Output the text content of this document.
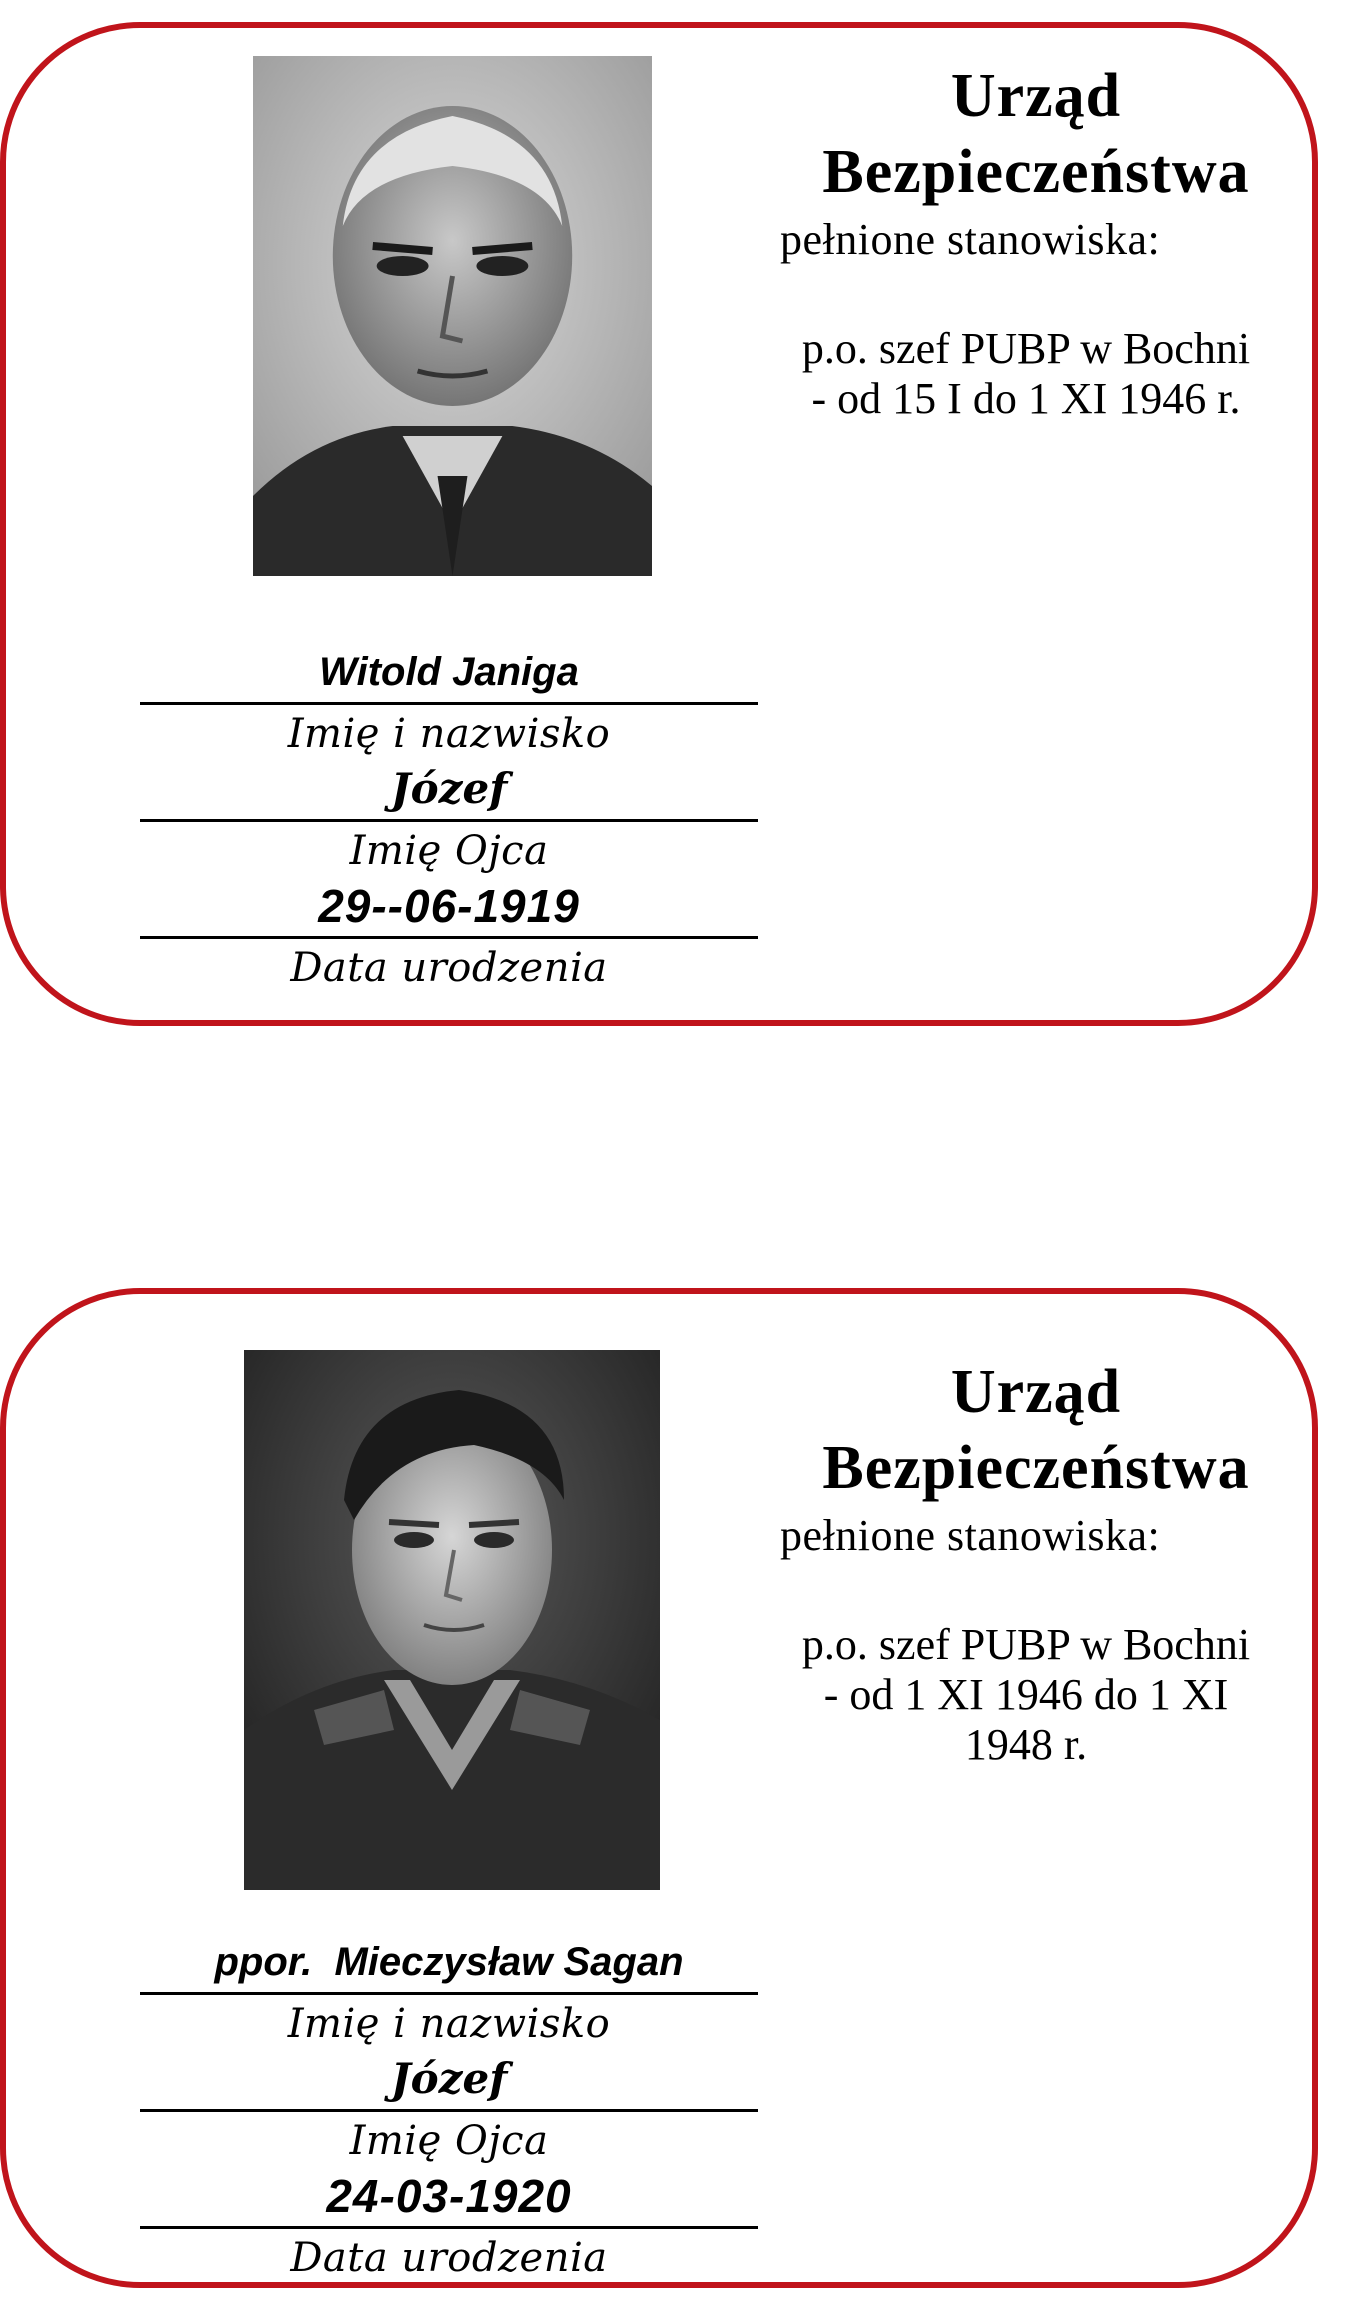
Urząd
Bezpieczeństwa
pełnione stanowiska:
p.o. szef PUBP w Bochni
- od 15 I do 1 XI 1946 r.
Witold Janiga
Imię i nazwisko
Józef
Imię Ojca
29--06-1919
Data urodzenia
Urząd
Bezpieczeństwa
pełnione stanowiska:
p.o. szef PUBP w Bochni
- od 1 XI 1946 do 1 XI
1948 r.
ppor.  Mieczysław Sagan
Imię i nazwisko
Józef
Imię Ojca
24-03-1920
Data urodzenia
